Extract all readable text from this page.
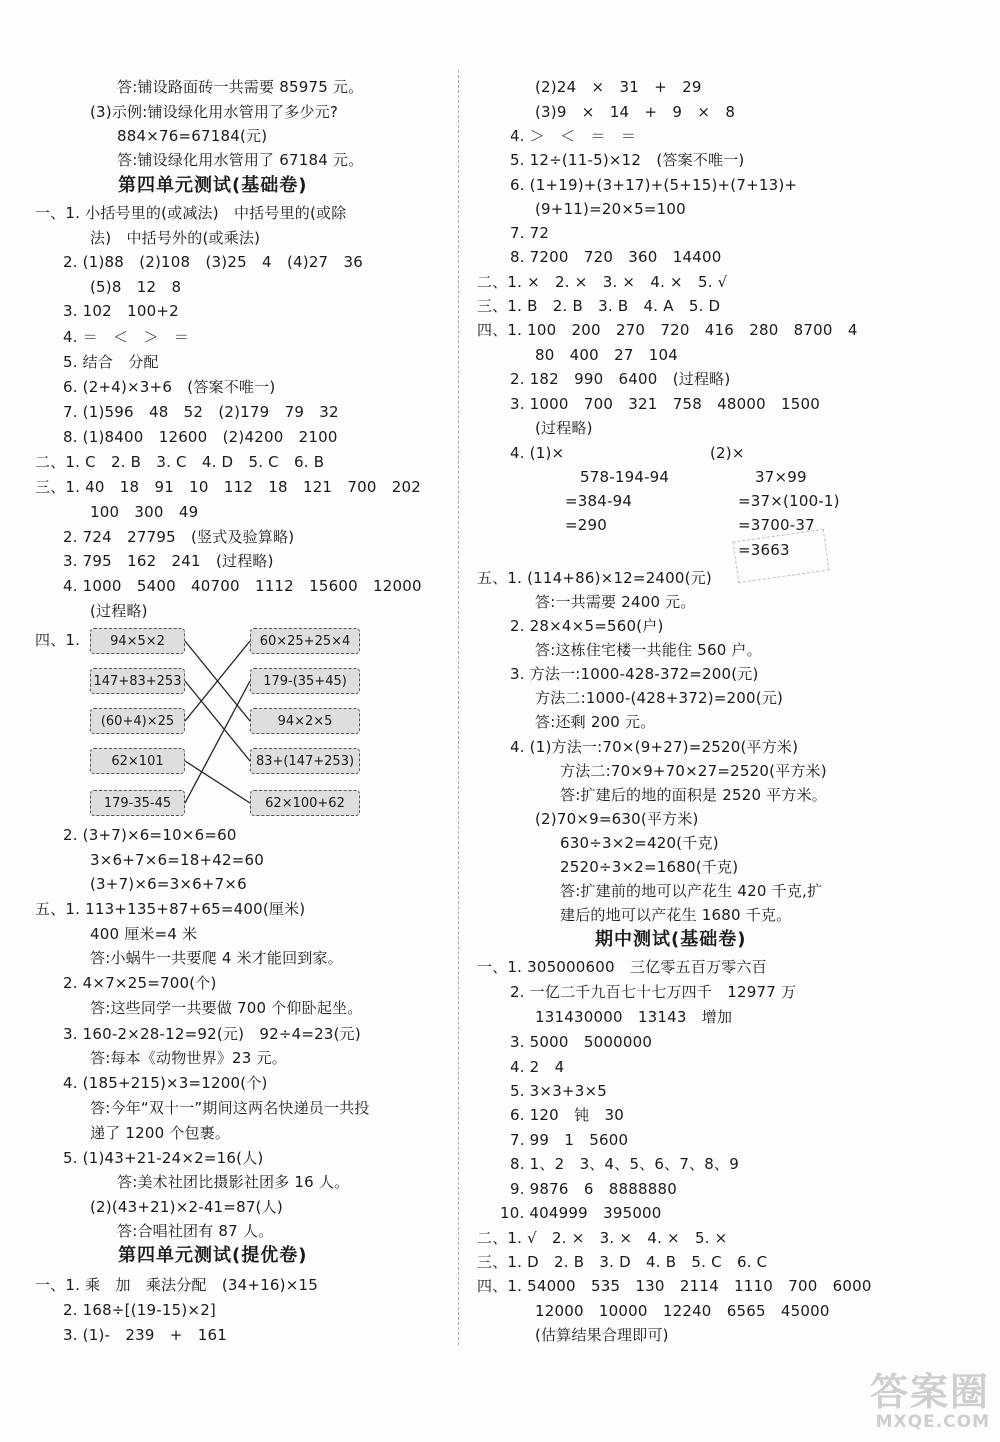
94×5×2
147+83+253
(60+4)×25
62×101
179-35-45
60×25+25×4
179-(35+45)
94×2×5
83+(147+253)
62×100+62
答案圈
MXQE.COM
答:铺设路面砖一共需要 85975 元。
(3)示例:铺设绿化用水管用了多少元?
884×76=67184(元)
答:铺设绿化用水管用了 67184 元。
第四单元测试(基础卷)
一、1. 小括号里的(或减法)　中括号里的(或除
法)　中括号外的(或乘法)
2. (1)88　(2)108　(3)25　4　(4)27　36
(5)8　12　8
3. 102　100+2
4. ＝　＜　＞　＝
5. 结合　分配
6. (2+4)×3+6　(答案不唯一)
7. (1)596　48　52　(2)179　79　32
8. (1)8400　12600　(2)4200　2100
二、1. C　2. B　3. C　4. D　5. C　6. B
三、1. 40　18　91　10　112　18　121　700　202
100　300　49
2. 724　27795　(竖式及验算略)
3. 795　162　241　(过程略)
4. 1000　5400　40700　1112　15600　12000
(过程略)
四、1.
2. (3+7)×6=10×6=60
3×6+7×6=18+42=60
(3+7)×6=3×6+7×6
五、1. 113+135+87+65=400(厘米)
400 厘米=4 米
答:小蜗牛一共要爬 4 米才能回到家。
2. 4×7×25=700(个)
答:这些同学一共要做 700 个仰卧起坐。
3. 160-2×28-12=92(元)　92÷4=23(元)
答:每本《动物世界》23 元。
4. (185+215)×3=1200(个)
答:今年“双十一”期间这两名快递员一共投
递了 1200 个包裹。
5. (1)43+21-24×2=16(人)
答:美术社团比摄影社团多 16 人。
(2)(43+21)×2-41=87(人)
答:合唱社团有 87 人。
第四单元测试(提优卷)
一、1. 乘　加　乘法分配　(34+16)×15
2. 168÷[(19-15)×2]
3. (1)-　239　+　161
(2)24　×　31　+　29
(3)9　×　14　+　9　×　8
4. ＞　＜　＝　＝
5. 12÷(11-5)×12　(答案不唯一)
6. (1+19)+(3+17)+(5+15)+(7+13)+
(9+11)=20×5=100
7. 72
8. 7200　720　360　14400
二、1. ×　2. ×　3. ×　4. ×　5. √
三、1. B　2. B　3. B　4. A　5. D
四、1. 100　200　270　720　416　280　8700　4
80　400　27　104
2. 182　990　6400　(过程略)
3. 1000　700　321　758　48000　1500
(过程略)
4. (1)×	(2)×
578-194-94	37×99
=384-94	=37×(100-1)
=290	=3700-37
=3663
五、1. (114+86)×12=2400(元)
答:一共需要 2400 元。
2. 28×4×5=560(户)
答:这栋住宅楼一共能住 560 户。
3. 方法一:1000-428-372=200(元)
方法二:1000-(428+372)=200(元)
答:还剩 200 元。
4. (1)方法一:70×(9+27)=2520(平方米)
方法二:70×9+70×27=2520(平方米)
答:扩建后的地的面积是 2520 平方米。
(2)70×9=630(平方米)
630÷3×2=420(千克)
2520÷3×2=1680(千克)
答:扩建前的地可以产花生 420 千克,扩
建后的地可以产花生 1680 千克。
期中测试(基础卷)
一、1. 305000600　三亿零五百万零六百
2. 一亿二千九百七十七万四千　12977 万
131430000　13143　增加
3. 5000　5000000
4. 2　4
5. 3×3+3×5
6. 120　钝　30
7. 99　1　5600
8. 1、2　3、4、5、6、7、8、9
9. 9876　6　8888880
10. 404999　395000
二、1. √　2. ×　3. ×　4. ×　5. ×
三、1. D　2. B　3. D　4. B　5. C　6. C
四、1. 54000　535　130　2114　1110　700　6000
12000　10000　12240　6565　45000
(估算结果合理即可)
